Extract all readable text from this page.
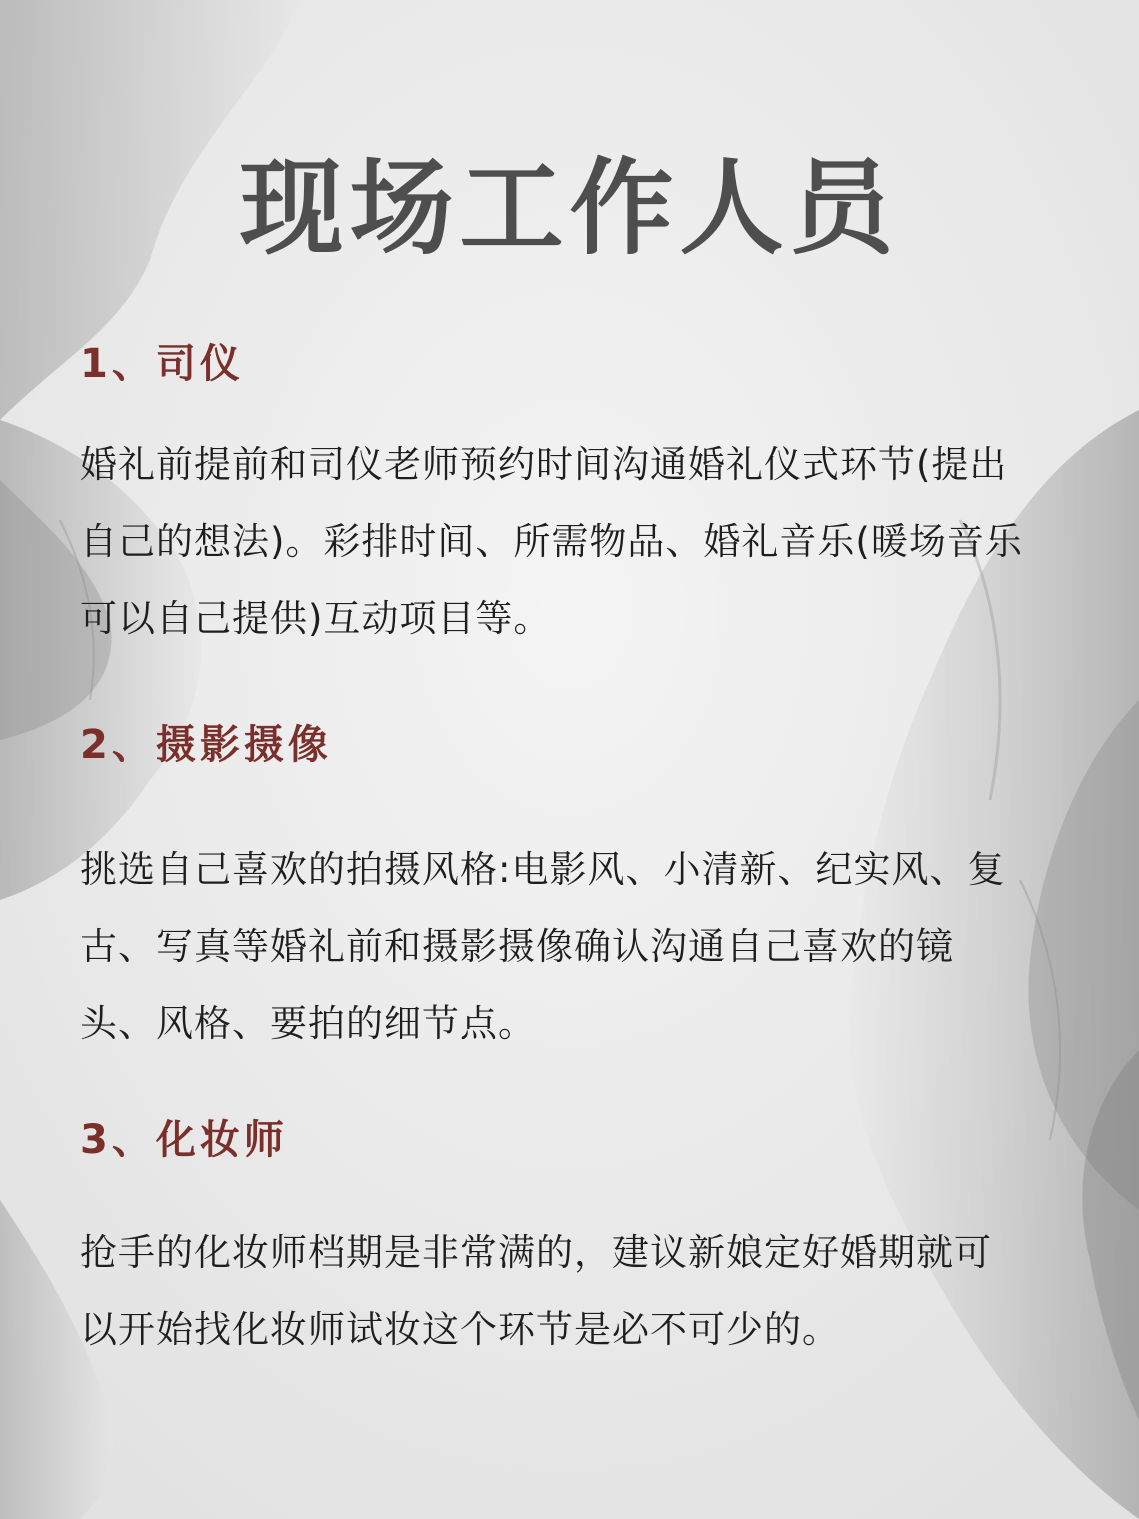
现场工作人员
1、司仪
婚礼前提前和司仪老师预约时间沟通婚礼仪式环节(提出
自己的想法)。彩排时间、所需物品、婚礼音乐(暖场音乐
可以自己提供)互动项目等。
2、摄影摄像
挑选自己喜欢的拍摄风格:电影风、小清新、纪实风、复
古、写真等婚礼前和摄影摄像确认沟通自己喜欢的镜
头、风格、要拍的细节点。
3、化妆师
抢手的化妆师档期是非常满的，建议新娘定好婚期就可
以开始找化妆师试妆这个环节是必不可少的。
